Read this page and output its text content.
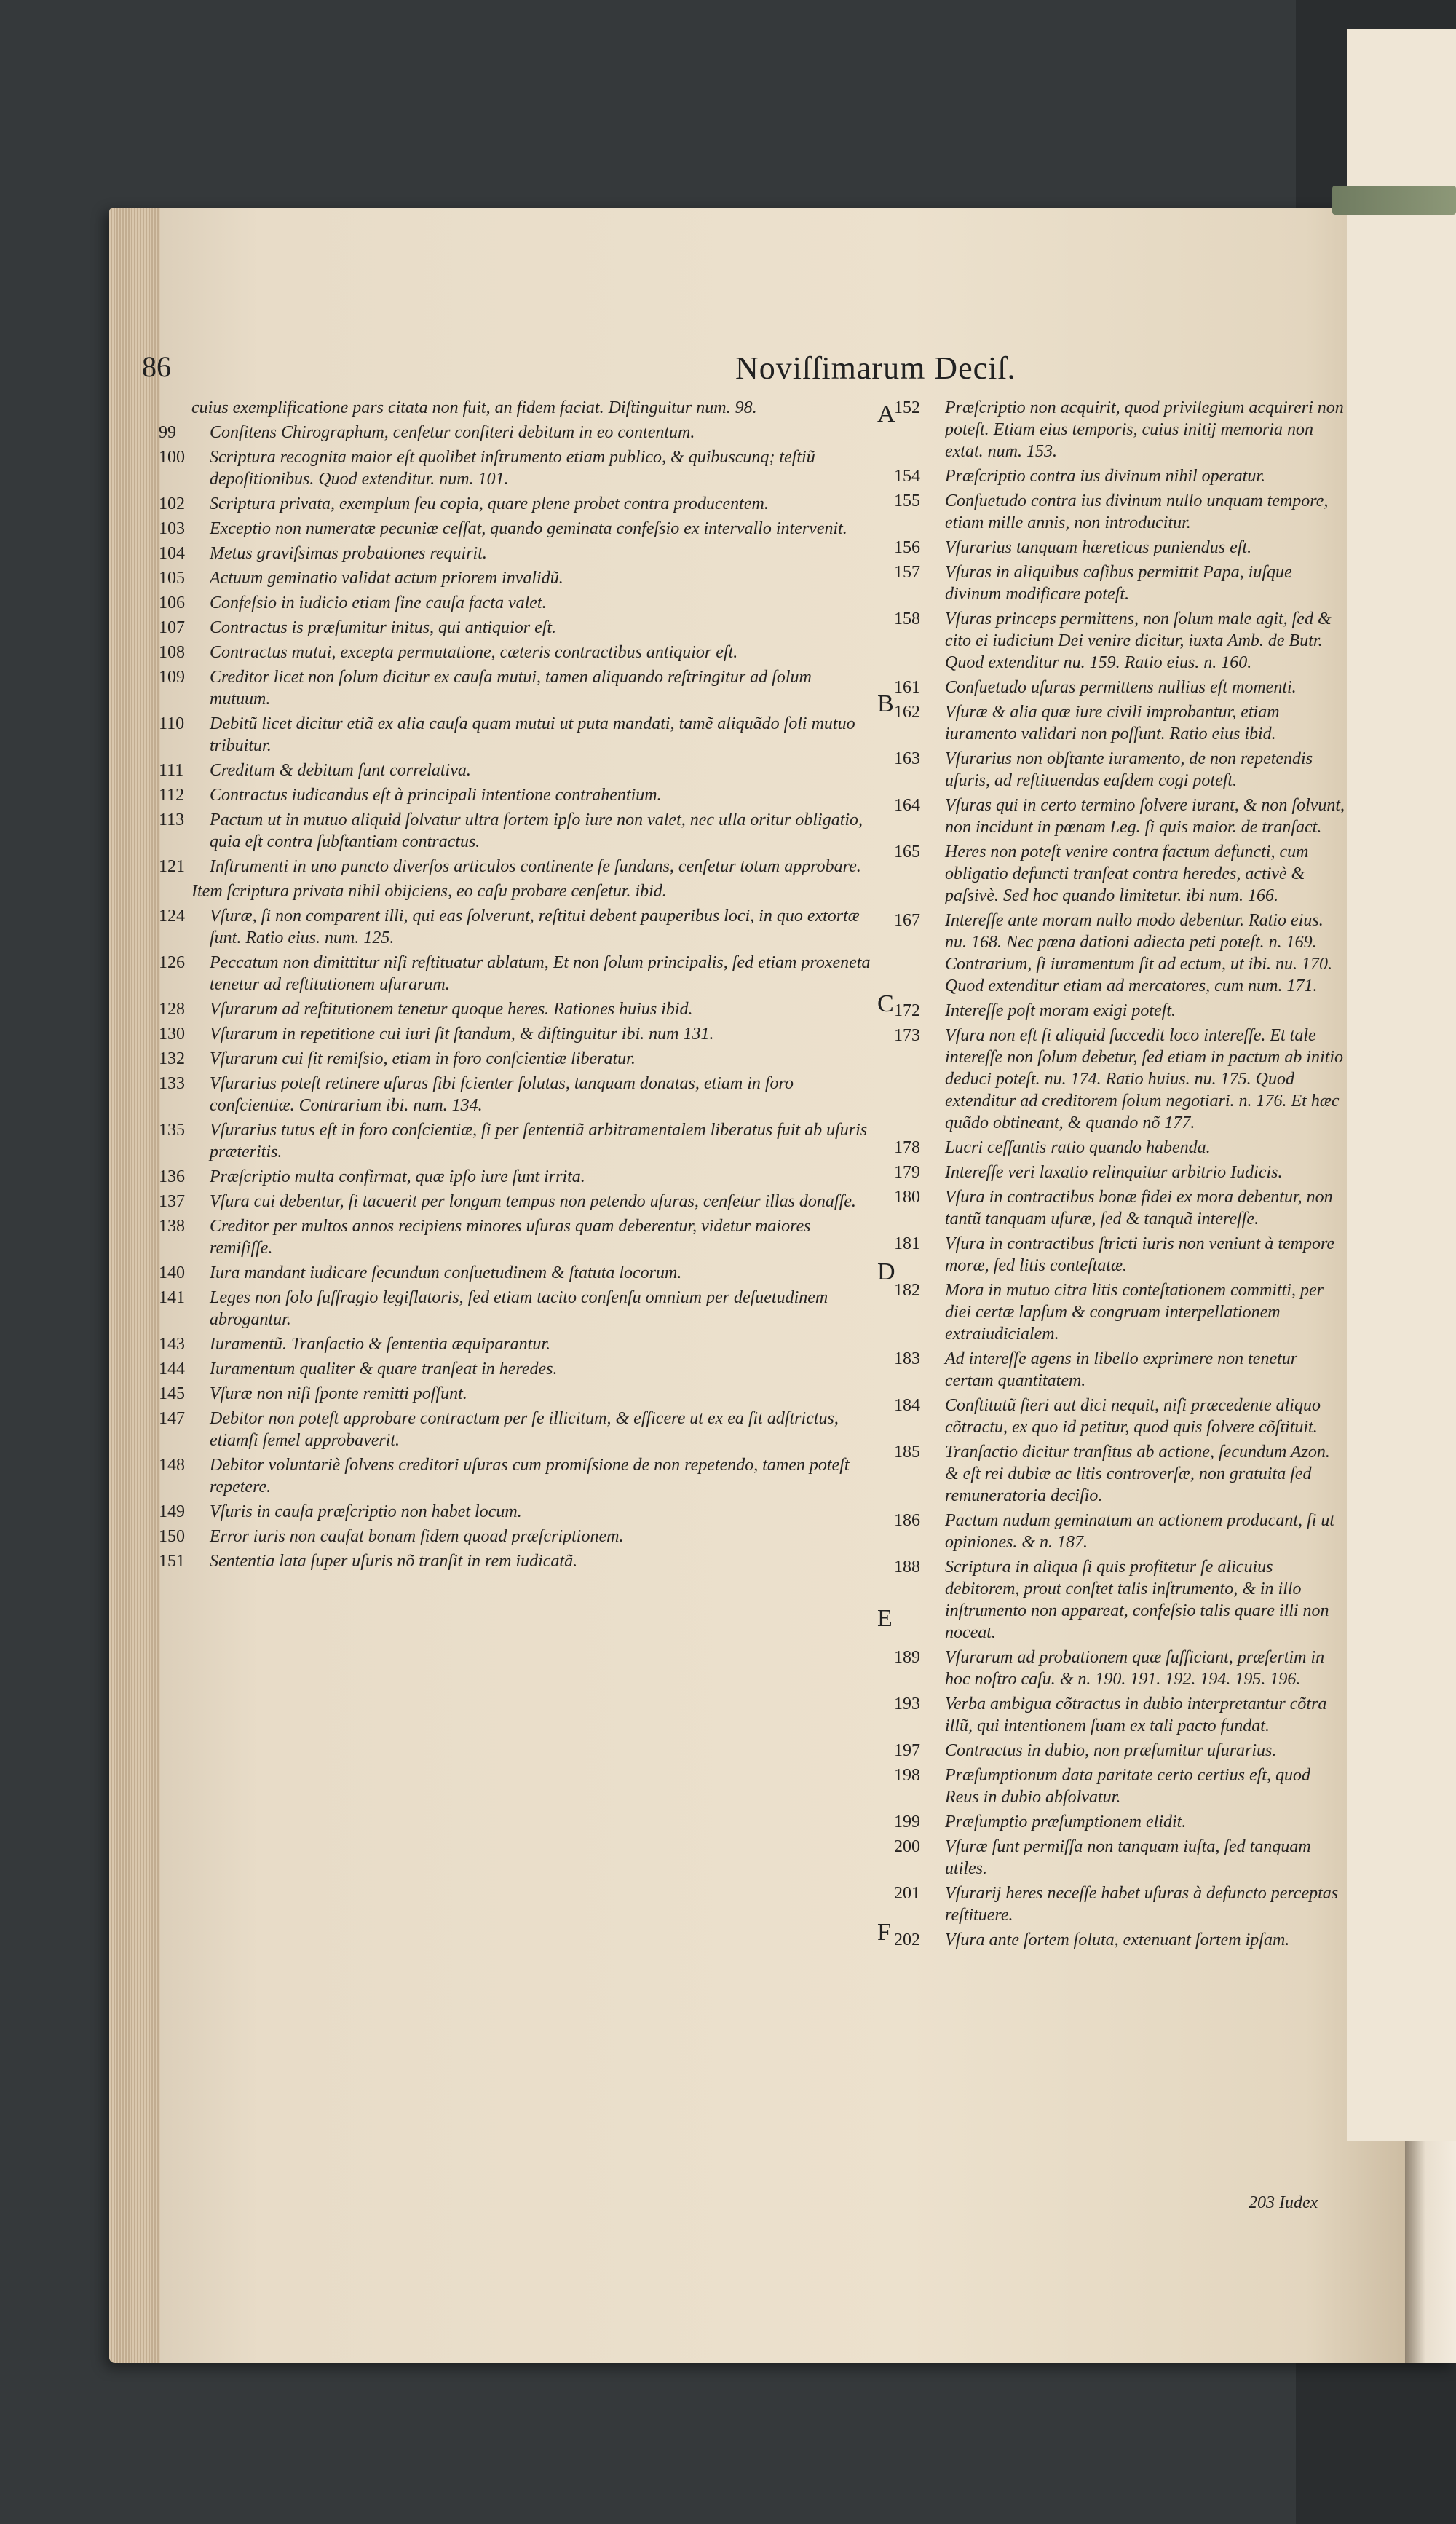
86	Noviſſimarum Deciſ.
cuius exemplificatione pars citata non fuit, an fidem faciat. Diſtinguitur num. 98.
99 Confitens Chirographum, cenſetur confiteri debitum in eo contentum.
100 Scriptura recognita maior eſt quolibet inſtrumento etiam publico, & quibuscunq; teſtiũ depoſitionibus. Quod extenditur. num. 101.
102 Scriptura privata, exemplum ſeu copia, quare plene probet contra producentem.
103 Exceptio non numeratæ pecuniæ ceſſat, quando geminata confeſsio ex intervallo intervenit.
104 Metus graviſsimas probationes requirit.
105 Actuum geminatio validat actum priorem invalidũ.
106 Confeſsio in iudicio etiam ſine cauſa facta valet.
107 Contractus is præſumitur initus, qui antiquior eſt.
108 Contractus mutui, excepta permutatione, cæteris contractibus antiquior eſt.
109 Creditor licet non ſolum dicitur ex cauſa mutui, tamen aliquando reſtringitur ad ſolum mutuum.
110 Debitũ licet dicitur etiã ex alia cauſa quam mutui ut puta mandati, tamẽ aliquãdo ſoli mutuo tribuitur.
111 Creditum & debitum ſunt correlativa.
112 Contractus iudicandus eſt à principali intentione contrahentium.
113 Pactum ut in mutuo aliquid ſolvatur ultra ſortem ipſo iure non valet, nec ulla oritur obligatio, quia eſt contra ſubſtantiam contractus.
121 Inſtrumenti in uno puncto diverſos articulos continente ſe fundans, cenſetur totum approbare.
Item ſcriptura privata nihil obijciens, eo caſu probare cenſetur. ibid.
124 Vſuræ, ſi non comparent illi, qui eas ſolverunt, reſtitui debent pauperibus loci, in quo extortæ ſunt. Ratio eius. num. 125.
126 Peccatum non dimittitur niſi reſtituatur ablatum, Et non ſolum principalis, ſed etiam proxeneta tenetur ad reſtitutionem uſurarum.
128 Vſurarum ad reſtitutionem tenetur quoque heres. Rationes huius ibid.
130 Vſurarum in repetitione cui iuri ſit ſtandum, & diſtinguitur ibi. num 131.
132 Vſurarum cui ſit remiſsio, etiam in foro conſcientiæ liberatur.
133 Vſurarius poteſt retinere uſuras ſibi ſcienter ſolutas, tanquam donatas, etiam in foro conſcientiæ. Contrarium ibi. num. 134.
135 Vſurarius tutus eſt in foro conſcientiæ, ſi per ſententiã arbitramentalem liberatus fuit ab uſuris præteritis.
136 Præſcriptio multa confirmat, quæ ipſo iure ſunt irrita.
137 Vſura cui debentur, ſi tacuerit per longum tempus non petendo uſuras, cenſetur illas donaſſe.
138 Creditor per multos annos recipiens minores uſuras quam deberentur, videtur maiores remiſiſſe.
140 Iura mandant iudicare ſecundum conſuetudinem & ſtatuta locorum.
141 Leges non ſolo ſuffragio legiſlatoris, ſed etiam tacito conſenſu omnium per deſuetudinem abrogantur.
143 Iuramentũ. Tranſactio & ſententia æquiparantur.
144 Iuramentum qualiter & quare tranſeat in heredes.
145 Vſuræ non niſi ſponte remitti poſſunt.
147 Debitor non poteſt approbare contractum per ſe illicitum, & efficere ut ex ea ſit adſtrictus, etiamſi ſemel approbaverit.
148 Debitor voluntariè ſolvens creditori uſuras cum promiſsione de non repetendo, tamen poteſt repetere.
149 Vſuris in cauſa præſcriptio non habet locum.
150 Error iuris non cauſat bonam fidem quoad præſcriptionem.
151 Sententia lata ſuper uſuris nõ tranſit in rem iudicatã.
A
B
C
D
E
F
152 Præſcriptio non acquirit, quod privilegium acquireri non poteſt. Etiam eius temporis, cuius initij memoria non extat. num. 153.
154 Præſcriptio contra ius divinum nihil operatur.
155 Conſuetudo contra ius divinum nullo unquam tempore, etiam mille annis, non introducitur.
156 Vſurarius tanquam hæreticus puniendus eſt.
157 Vſuras in aliquibus caſibus permittit Papa, iuſque divinum modificare poteſt.
158 Vſuras princeps permittens, non ſolum male agit, ſed & cito ei iudicium Dei venire dicitur, iuxta Amb. de Butr. Quod extenditur nu. 159. Ratio eius. n. 160.
161 Conſuetudo uſuras permittens nullius eſt momenti.
162 Vſuræ & alia quæ iure civili improbantur, etiam iuramento validari non poſſunt. Ratio eius ibid.
163 Vſurarius non obſtante iuramento, de non repetendis uſuris, ad reſtituendas eaſdem cogi poteſt.
164 Vſuras qui in certo termino ſolvere iurant, & non ſolvunt, non incidunt in pœnam Leg. ſi quis maior. de tranſact.
165 Heres non poteſt venire contra factum defuncti, cum obligatio defuncti tranſeat contra heredes, activè & paſsivè. Sed hoc quando limitetur. ibi num. 166.
167 Intereſſe ante moram nullo modo debentur. Ratio eius. nu. 168. Nec pœna dationi adiecta peti poteſt. n. 169. Contrarium, ſi iuramentum ſit ad ectum, ut ibi. nu. 170. Quod extenditur etiam ad mercatores, cum num. 171.
172 Intereſſe poſt moram exigi poteſt.
173 Vſura non eſt ſi aliquid ſuccedit loco intereſſe. Et tale intereſſe non ſolum debetur, ſed etiam in pactum ab initio deduci poteſt. nu. 174. Ratio huius. nu. 175. Quod extenditur ad creditorem ſolum negotiari. n. 176. Et hæc quãdo obtineant, & quando nõ 177.
178 Lucri ceſſantis ratio quando habenda.
179 Intereſſe veri laxatio relinquitur arbitrio Iudicis.
180 Vſura in contractibus bonæ fidei ex mora debentur, non tantũ tanquam uſuræ, ſed & tanquã intereſſe.
181 Vſura in contractibus ſtricti iuris non veniunt à tempore moræ, ſed litis conteſtatæ.
182 Mora in mutuo citra litis conteſtationem committi, per diei certæ lapſum & congruam interpellationem extraiudicialem.
183 Ad intereſſe agens in libello exprimere non tenetur certam quantitatem.
184 Conſtitutũ fieri aut dici nequit, niſi præcedente aliquo cõtractu, ex quo id petitur, quod quis ſolvere cõſtituit.
185 Tranſactio dicitur tranſitus ab actione, ſecundum Azon. & eſt rei dubiæ ac litis controverſæ, non gratuita ſed remuneratoria deciſio.
186 Pactum nudum geminatum an actionem producant, ſi ut opiniones. & n. 187.
188 Scriptura in aliqua ſi quis profitetur ſe alicuius debitorem, prout conſtet talis inſtrumento, & in illo inſtrumento non appareat, confeſsio talis quare illi non noceat.
189 Vſurarum ad probationem quæ ſufficiant, præſertim in hoc noſtro caſu. & n. 190. 191. 192. 194. 195. 196.
193 Verba ambigua cõtractus in dubio interpretantur cõtra illũ, qui intentionem ſuam ex tali pacto fundat.
197 Contractus in dubio, non præſumitur uſurarius.
198 Præſumptionum data paritate certo certius eſt, quod Reus in dubio abſolvatur.
199 Præſumptio præſumptionem elidit.
200 Vſuræ ſunt permiſſa non tanquam iuſta, ſed tanquam utiles.
201 Vſurarij heres neceſſe habet uſuras à defuncto perceptas reſtituere.
202 Vſura ante ſortem ſoluta, extenuant ſortem ipſam.
203 Iudex
